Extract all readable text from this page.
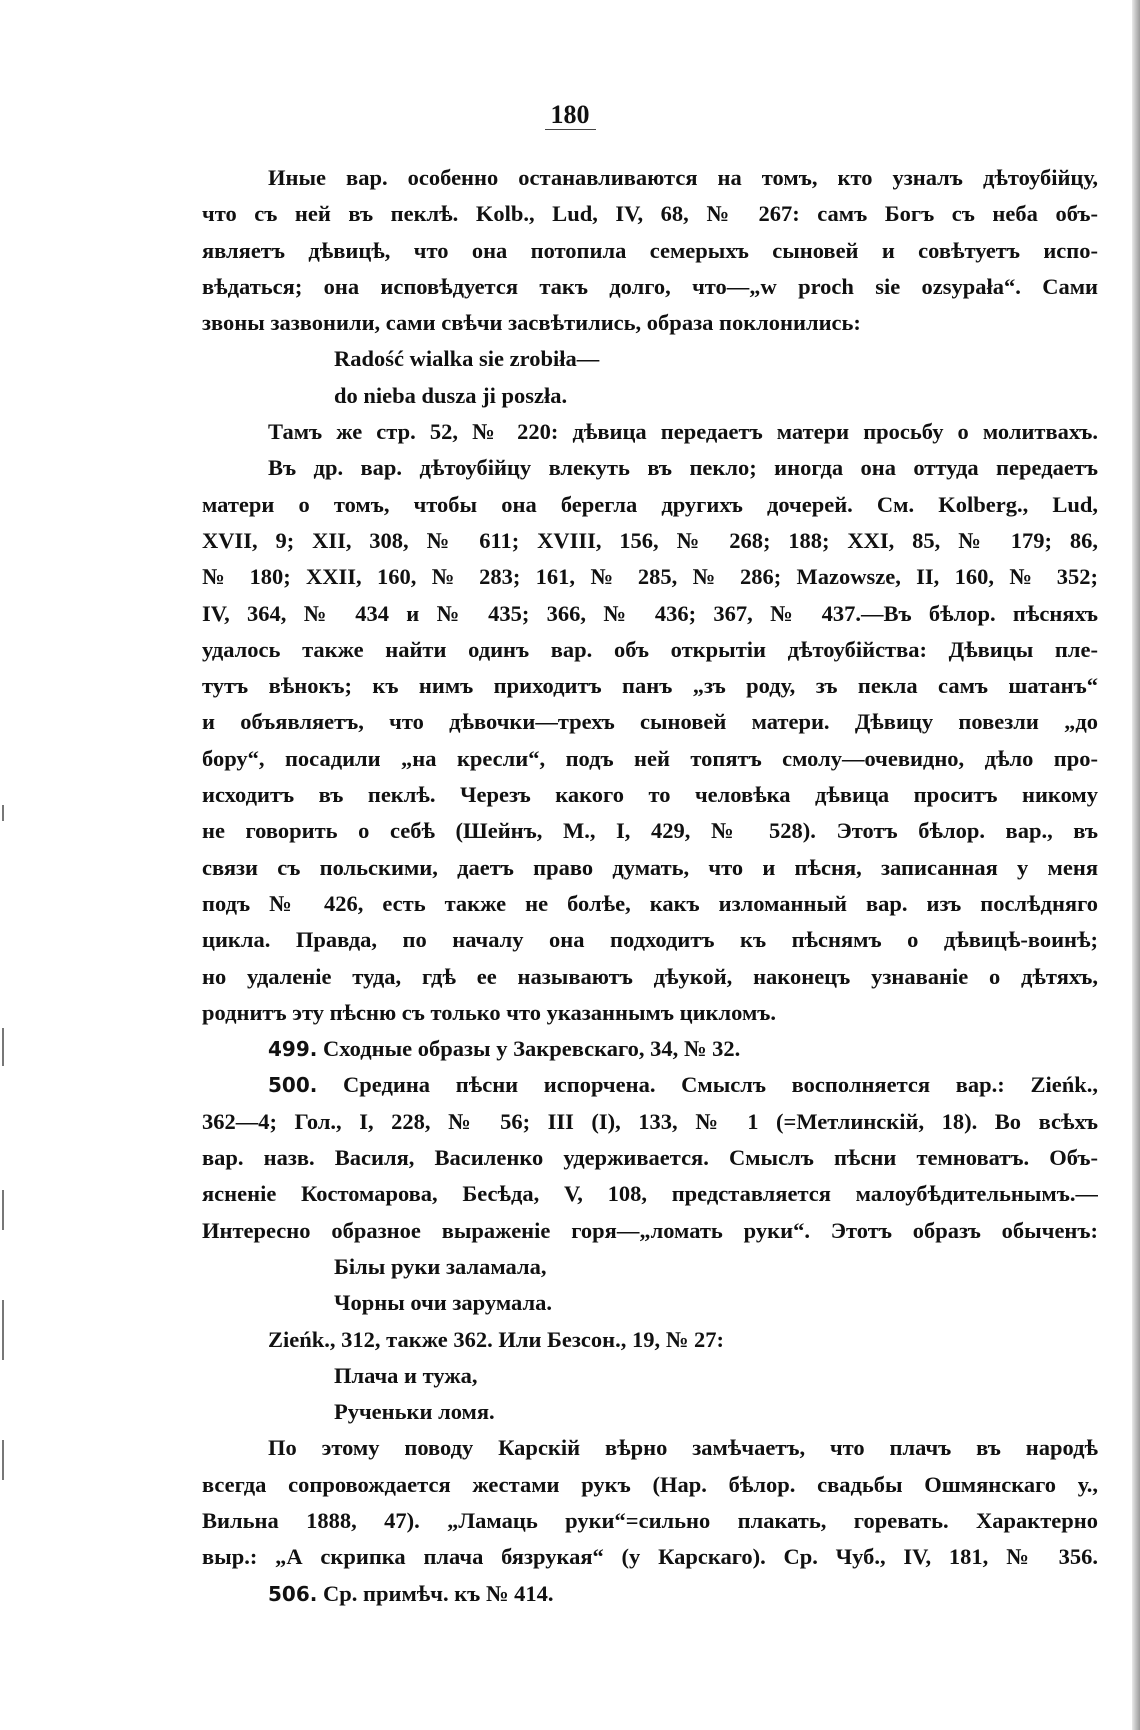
180
Иные вар. особенно останавливаются на томъ, кто узналъ дѣтоубійцу,
что съ ней въ пеклѣ. Kolb., Lud, IV, 68, № 267: самъ Богъ съ неба объ-
являетъ дѣвицѣ, что она потопила семерыхъ сыновей и совѣтуетъ испо-
вѣдаться; она исповѣдуется такъ долго, что—„w proch sie ozsypała“. Сами
звоны зазвонили, сами свѣчи засвѣтились, образа поклонились:
Radość wialka sie zrobiła—
do nieba dusza ji poszła.
Тамъ же стр. 52, № 220: дѣвица передаетъ матери просьбу о молитвахъ.
Въ др. вар. дѣтоубійцу влекуть въ пекло; иногда она оттуда передаетъ
матери о томъ, чтобы она берегла другихъ дочерей. См. Kolberg., Lud,
XVII, 9; XII, 308, № 611; XVIII, 156, № 268; 188; XXI, 85, № 179; 86,
№ 180; XXII, 160, № 283; 161, № 285, № 286; Mazowsze, II, 160, № 352;
IV, 364, № 434 и № 435; 366, № 436; 367, № 437.—Въ бѣлор. пѣсняхъ
удалось также найти одинъ вар. объ открытіи дѣтоубійства: Дѣвицы пле-
тутъ вѣнокъ; къ нимъ приходитъ панъ „зъ роду, зъ пекла самъ шатанъ“
и объявляетъ, что дѣвочки—трехъ сыновей матери. Дѣвицу повезли „до
бору“, посадили „на кресли“, подъ ней топятъ смолу—очевидно, дѣло про-
исходитъ въ пеклѣ. Черезъ какого то человѣка дѣвица проситъ никому
не говорить о себѣ (Шейнъ, М., I, 429, № 528). Этотъ бѣлор. вар., въ
связи съ польскими, даетъ право думать, что и пѣсня, записанная у меня
подъ № 426, есть также не болѣе, какъ изломанный вар. изъ послѣдняго
цикла. Правда, по началу она подходитъ къ пѣснямъ о дѣвицѣ-воинѣ;
но удаленіе туда, гдѣ ее называютъ дѣукой, наконецъ узнаваніе о дѣтяхъ,
роднитъ эту пѣсню съ только что указаннымъ цикломъ.
499. Сходные образы у Закревскаго, 34, № 32.
500. Средина пѣсни испорчена. Смыслъ восполняется вар.: Zieńk.,
362—4; Гол., I, 228, № 56; III (I), 133, № 1 (=Метлинскій, 18). Во всѣхъ
вар. назв. Василя, Василенко удерживается. Смыслъ пѣсни темноватъ. Объ-
ясненіе Костомарова, Бесѣда, V, 108, представляется малоубѣдительнымъ.—
Интересно образное выраженіе горя—„ломать руки“. Этотъ образъ обыченъ:
Білы руки заламала,
Чорны очи зарумала.
Zieńk., 312, также 362. Или Безсон., 19, № 27:
Плача и тужа,
Рученьки ломя.
По этому поводу Карскій вѣрно замѣчаетъ, что плачъ въ народѣ
всегда сопровождается жестами рукъ (Нар. бѣлор. свадьбы Ошмянскаго у.,
Вильна 1888, 47). „Ламаць руки“=сильно плакать, горевать. Характерно
выр.: „А скрипка плача бязрукая“ (у Карскаго). Ср. Чуб., IV, 181, № 356.
506. Ср. примѣч. къ № 414.
